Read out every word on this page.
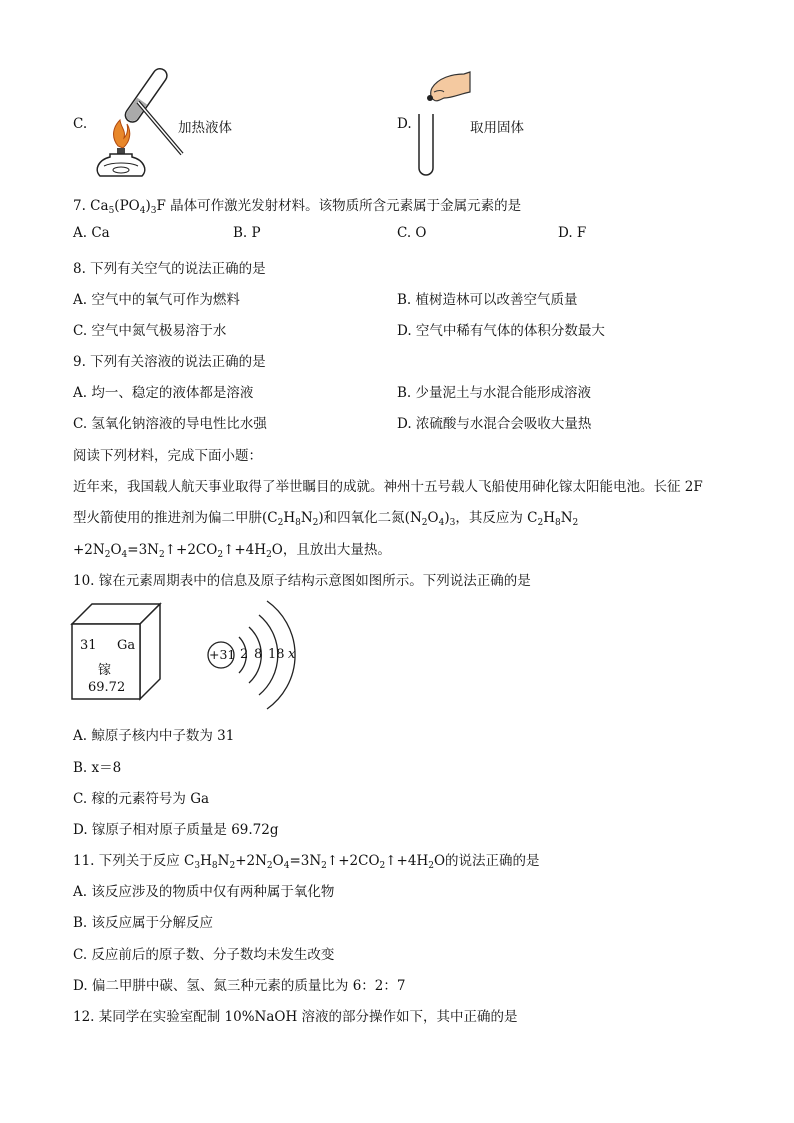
C.	加热液体	D.	取用固体
7. $Ca_5(PO_4)_3F$ 晶体可作激光发射材料。该物质所含元素属于金属元素的是
A. Ca	B. P	C. O	D. F
8. 下列有关空气的说法正确的是
A. 空气中的氧气可作为燃料	B. 植树造林可以改善空气质量
C. 空气中氮气极易溶于水	D. 空气中稀有气体的体积分数最大
9. 下列有关溶液的说法正确的是
A. 均一、稳定的液体都是溶液	B. 少量泥土与水混合能形成溶液
C. 氢氧化钠溶液的导电性比水强	D. 浓硫酸与水混合会吸收大量热
阅读下列材料，完成下面小题：
近年来，我国载人航天事业取得了举世瞩目的成就。神州十五号载人飞船使用砷化镓太阳能电池。长征 2F
型火箭使用的推进剂为偏二甲肼$(C_2H_8N_2)$和四氧化二氮$(N_2O_4)_3$，其反应为 $C_2H_8N_2$
$+2N_2O_4=3N_2↑+2CO_2↑+4H_2O$，且放出大量热。
10. 镓在元素周期表中的信息及原子结构示意图如图所示。下列说法正确的是
31 Ga
镓
69.72
+31 2 8 18 x
A. 鲸原子核内中子数为 31
B. x＝8
C. 稼的元素符号为 Ga
D. 镓原子相对原子质量是 69.72g
11. 下列关于反应 $C_3H_8N_2+2N_2O_4=3N_2↑+2CO_2↑+4H_2O$的说法正确的是
A. 该反应涉及的物质中仅有两种属于氧化物
B. 该反应属于分解反应
C. 反应前后的原子数、分子数均未发生改变
D. 偏二甲肼中碳、氢、氮三种元素的质量比为 6：2：7
12. 某同学在实验室配制 10%NaOH 溶液的部分操作如下，其中正确的是
